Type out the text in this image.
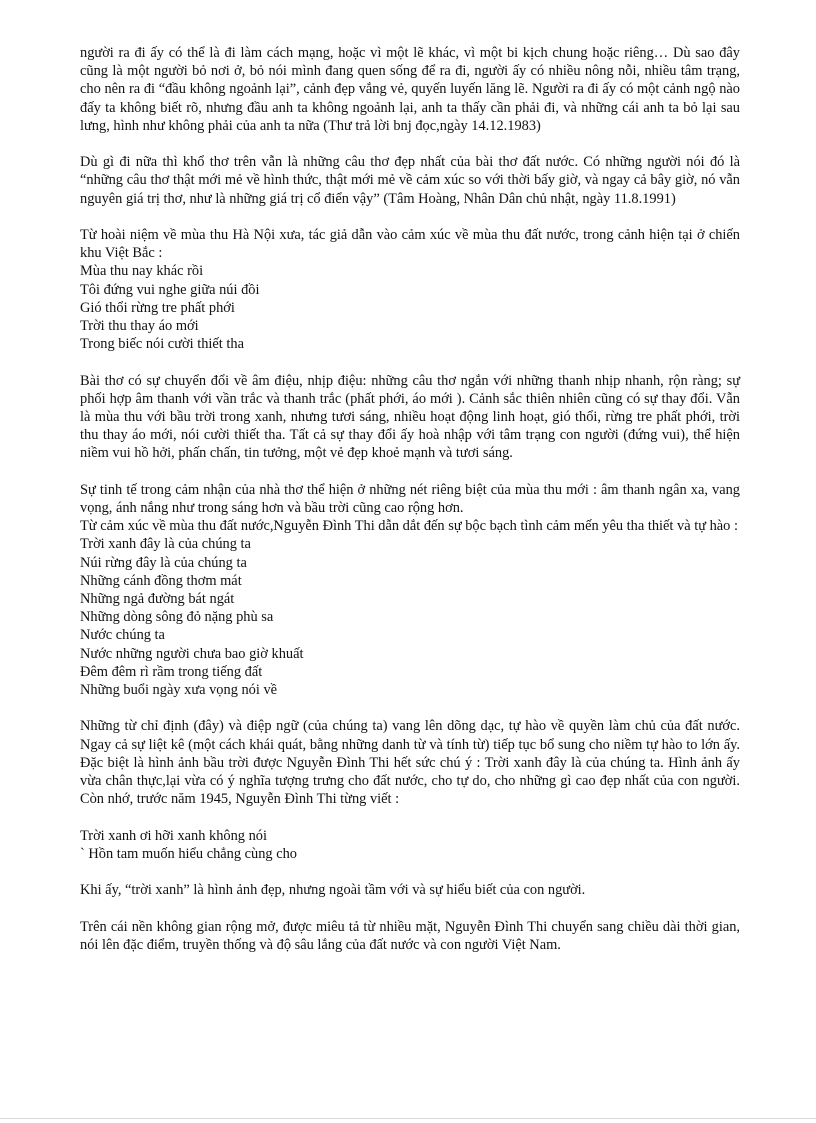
người ra đi ấy có thể là đi làm cách mạng, hoặc vì một lẽ khác, vì một bi kịch chung hoặc riêng… Dù sao đây cũng là một người bỏ nơi ở, bỏ nói mình đang quen sống để ra đi, người ấy có nhiều nông nỗi, nhiều tâm trạng, cho nên ra đi “đầu không ngoảnh lại”, cảnh đẹp vắng vẻ, quyến luyến lăng lẽ. Người ra đi ấy có một cảnh ngộ nào đấy ta không biết rõ, nhưng đầu anh ta không ngoảnh lại, anh ta thấy cần phải đi, và những cái anh ta bỏ lại sau lưng, hình như không phải của anh ta nữa (Thư trả lời bnj đọc,ngày 14.12.1983)

Dù gì đi nữa thì khổ thơ trên vẫn là những câu thơ đẹp nhất của bài thơ đất nước. Có những người nói đó là “những câu thơ thật mới mẻ về hình thức, thật mới mẻ về cảm xúc so với thời bấy giờ, và ngay cả bây giờ, nó vẫn nguyên giá trị thơ, như là những giá trị cổ điển vậy” (Tâm Hoàng, Nhân Dân chủ nhật, ngày 11.8.1991)

Từ hoài niệm về mùa thu Hà Nội xưa, tác giả dẫn vào cảm xúc về mùa thu đất nước, trong cảnh hiện tại ở chiến khu Việt Bắc :

Mùa thu nay khác rồi
Tôi đứng vui nghe giữa núi đồi
Gió thổi rừng tre phất phới
Trời thu thay áo mới
Trong biếc nói cười thiết tha

Bài thơ có sự chuyển đổi về âm điệu, nhịp điệu: những câu thơ ngắn với những thanh nhịp nhanh, rộn ràng; sự phối hợp âm thanh với vần trắc và thanh trắc (phất phới, áo mới ). Cảnh sắc thiên nhiên cũng có sự thay đổi. Vẫn là mùa thu với bầu trời trong xanh, nhưng tươi sáng, nhiều hoạt động linh hoạt, gió thổi, rừng tre phất phới, trời thu thay áo mới, nói cười thiết tha. Tất cả sự thay đổi ấy hoà nhập với tâm trạng con người (đứng vui), thể hiện niềm vui hồ hởi, phấn chấn, tin tưởng, một vẻ đẹp khoẻ mạnh và tươi sáng.

Sự tinh tế trong cảm nhận của nhà thơ thể hiện ở những nét riêng biệt của mùa thu mới : âm thanh ngân xa, vang vọng, ánh nắng như trong sáng hơn và bầu trời cũng cao rộng hơn.

Từ cảm xúc về mùa thu đất nước,Nguyễn Đình Thi dẫn dắt đến sự bộc bạch tình cảm mến yêu tha thiết và tự hào :

Trời xanh đây là của chúng ta
Núi rừng đây là của chúng ta
Những cánh đồng thơm mát
Những ngả đường bát ngát
Những dòng sông đỏ nặng phù sa
Nước chúng ta
Nước những người chưa bao giờ khuất
Đêm đêm rì rầm trong tiếng đất
Những buổi ngày xưa vọng nói về

Những từ chỉ định (đây) và điệp ngữ (của chúng ta) vang lên dõng dạc, tự hào về quyền làm chủ của đất nước. Ngay cả sự liệt kê (một cách khái quát, bằng những danh từ và tính từ) tiếp tục bổ sung cho niềm tự hào to lớn ấy. Đặc biệt là hình ảnh bầu trời được Nguyễn Đình Thi hết sức chú ý : Trời xanh đây là của chúng ta. Hình ảnh ấy vừa chân thực,lại vừa có ý nghĩa tượng trưng cho đất nước, cho tự do, cho những gì cao đẹp nhất của con người. Còn nhớ, trước năm 1945, Nguyễn Đình Thi từng viết :

Trời xanh ơi hỡi xanh không nói
` Hồn tam muốn hiểu chẳng cùng cho

Khi ấy, “trời xanh” là hình ảnh đẹp, nhưng ngoài tầm với và sự hiểu biết của con người.

Trên cái nền không gian rộng mở, được miêu tả từ nhiều mặt, Nguyễn Đình Thi chuyển sang chiều dài thời gian, nói lên đặc điểm, truyền thống và độ sâu lắng của đất nước và con người Việt Nam.
